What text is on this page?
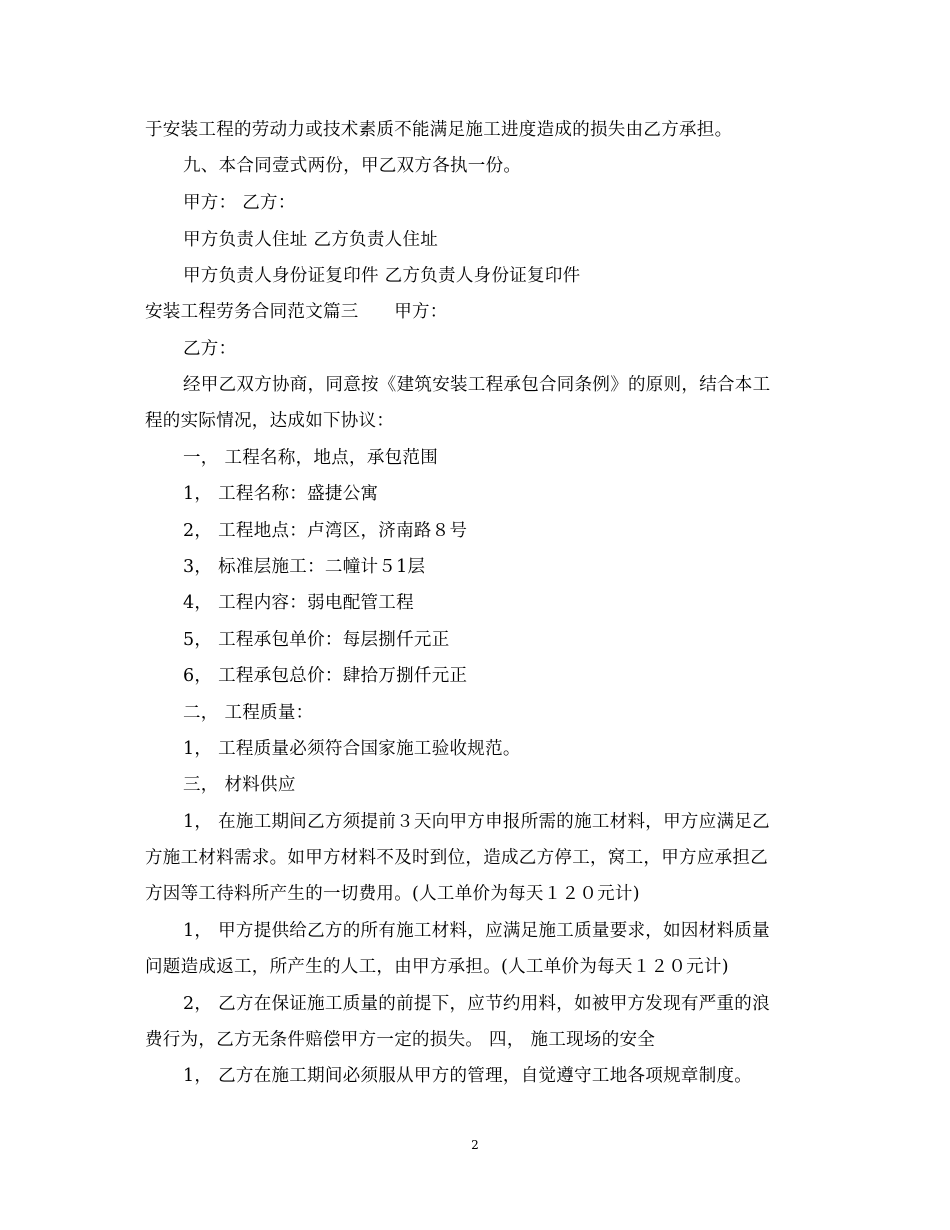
于安装工程的劳动力或技术素质不能满足施工进度造成的损失由乙方承担。
九、本合同壹式两份，甲乙双方各执一份。
甲方： 乙方：
甲方负责人住址 乙方负责人住址
甲方负责人身份证复印件 乙方负责人身份证复印件
安装工程劳务合同范文篇三　　甲方：
乙方：
经甲乙双方协商，同意按《建筑安装工程承包合同条例》的原则，结合本工
程的实际情况，达成如下协议：
一， 工程名称，地点，承包范围
1， 工程名称：盛捷公寓
2， 工程地点：卢湾区，济南路８号
3， 标准层施工：二幢计５1层
4， 工程内容：弱电配管工程
5， 工程承包单价：每层捌仟元正
6， 工程承包总价：肆拾万捌仟元正
二， 工程质量：
1， 工程质量必须符合国家施工验收规范。
三， 材料供应
1， 在施工期间乙方须提前３天向甲方申报所需的施工材料，甲方应满足乙
方施工材料需求。如甲方材料不及时到位，造成乙方停工，窝工，甲方应承担乙
方因等工待料所产生的一切费用。(人工单价为每天１２０元计)
1， 甲方提供给乙方的所有施工材料，应满足施工质量要求，如因材料质量
问题造成返工，所产生的人工，由甲方承担。(人工单价为每天１２０元计)
2， 乙方在保证施工质量的前提下，应节约用料，如被甲方发现有严重的浪
费行为，乙方无条件赔偿甲方一定的损失。 四， 施工现场的安全
1， 乙方在施工期间必须服从甲方的管理，自觉遵守工地各项规章制度。
2
